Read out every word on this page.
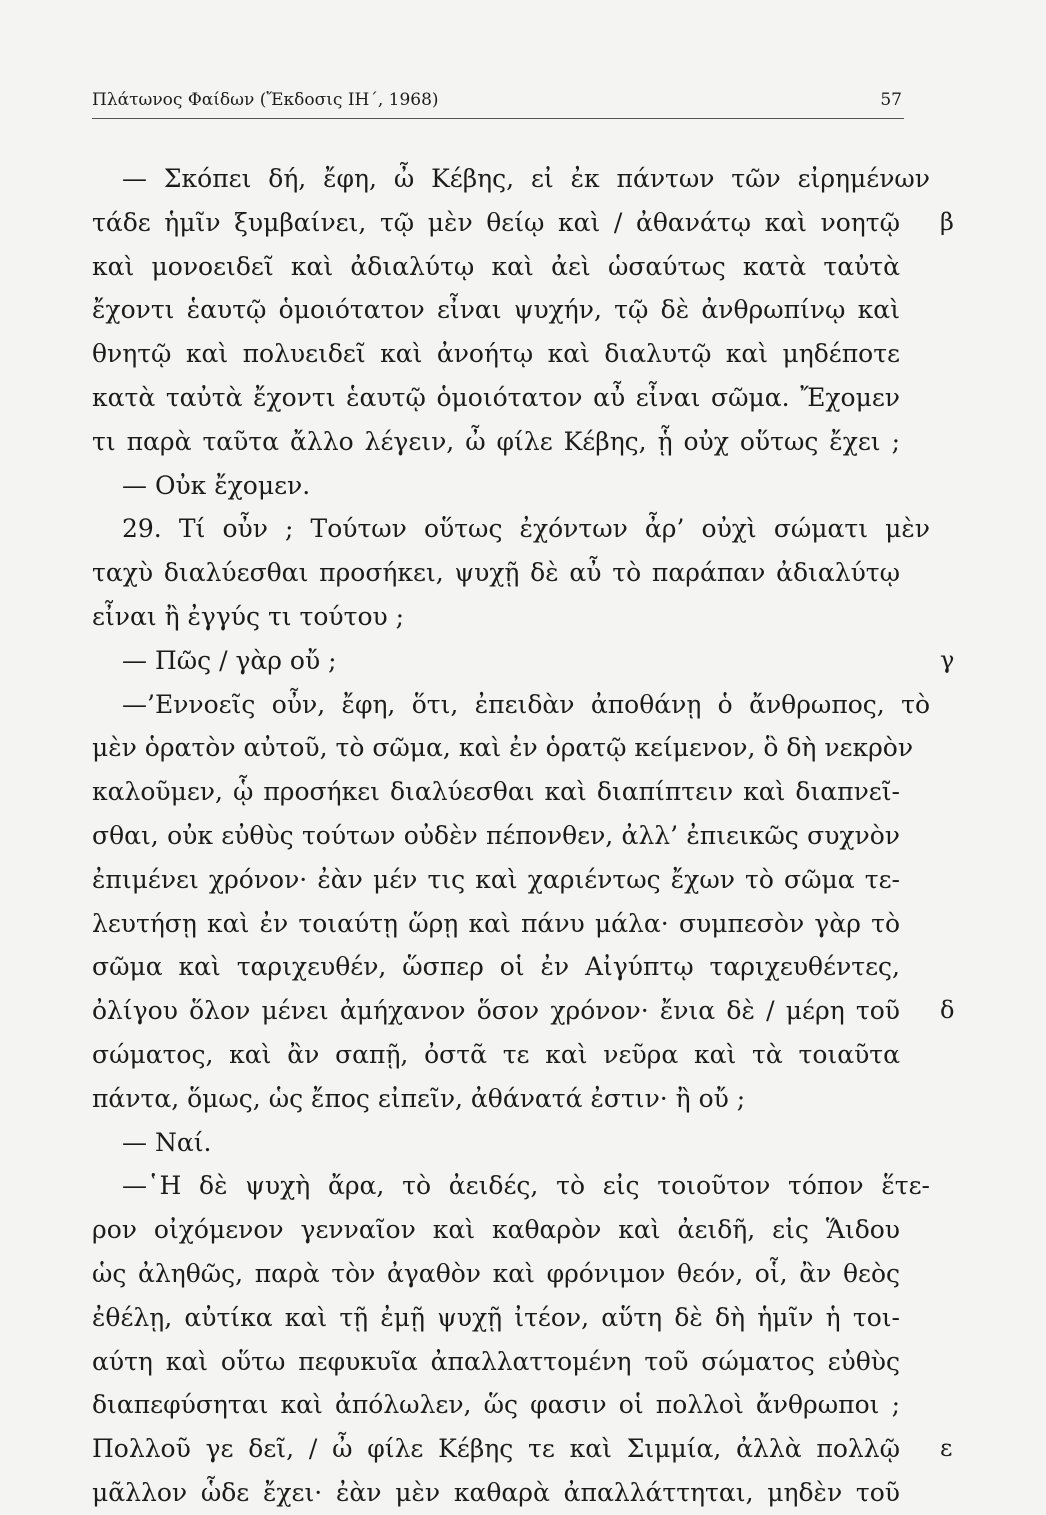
Πλάτωνος Φαίδων (Ἔκδοσις ΙΗ΄, 1968)	57
— Σκόπει δή, ἔφη, ὦ Κέβης, εἰ ἐκ πάντων τῶν εἰρημένων
τάδε ἡμῖν ξυμβαίνει, τῷ μὲν θείῳ καὶ / ἀθανάτῳ καὶ νοητῷ β
καὶ μονοειδεῖ καὶ ἀδιαλύτῳ καὶ ἀεὶ ὡσαύτως κατὰ ταὐτὰ
ἔχοντι ἑαυτῷ ὁμοιότατον εἶναι ψυχήν, τῷ δὲ ἀνθρωπίνῳ καὶ
θνητῷ καὶ πολυειδεῖ καὶ ἀνοήτῳ καὶ διαλυτῷ καὶ μηδέποτε
κατὰ ταὐτὰ ἔχοντι ἑαυτῷ ὁμοιότατον αὖ εἶναι σῶμα. Ἔχομεν
τι παρὰ ταῦτα ἄλλο λέγειν, ὦ φίλε Κέβης, ᾗ οὐχ οὕτως ἔχει ;
— Οὐκ ἔχομεν.
29. Τί οὖν ; Τούτων οὕτως ἐχόντων ἆρ’ οὐχὶ σώματι μὲν
ταχὺ διαλύεσθαι προσήκει, ψυχῇ δὲ αὖ τὸ παράπαν ἀδιαλύτῳ
εἶναι ἢ ἐγγύς τι τούτου ;
— Πῶς / γὰρ οὔ ;	γ
—’Εννοεῖς οὖν, ἔφη, ὅτι, ἐπειδὰν ἀποθάνῃ ὁ ἄνθρωπος, τὸ
μὲν ὁρατὸν αὐτοῦ, τὸ σῶμα, καὶ ἐν ὁρατῷ κείμενον, ὃ δὴ νεκρὸν
καλοῦμεν, ᾧ προσήκει διαλύεσθαι καὶ διαπίπτειν καὶ διαπνεῖ-
σθαι, οὐκ εὐθὺς τούτων οὐδὲν πέπονθεν, ἀλλ’ ἐπιεικῶς συχνὸν
ἐπιμένει χρόνον· ἐὰν μέν τις καὶ χαριέντως ἔχων τὸ σῶμα τε-
λευτήσῃ καὶ ἐν τοιαύτῃ ὥρῃ καὶ πάνυ μάλα· συμπεσὸν γὰρ τὸ
σῶμα καὶ ταριχευθέν, ὥσπερ οἱ ἐν Αἰγύπτῳ ταριχευθέντες,
ὀλίγου ὅλον μένει ἀμήχανον ὅσον χρόνον· ἔνια δὲ / μέρη τοῦ δ
σώματος, καὶ ἂν σαπῇ, ὀστᾶ τε καὶ νεῦρα καὶ τὰ τοιαῦτα
πάντα, ὅμως, ὡς ἔπος εἰπεῖν, ἀθάνατά ἐστιν· ἢ οὔ ;
— Ναί.
—῾Η δὲ ψυχὴ ἄρα, τὸ ἀειδές, τὸ εἰς τοιοῦτον τόπον ἕτε-
ρον οἰχόμενον γενναῖον καὶ καθαρὸν καὶ ἀειδῆ, εἰς Ἅιδου
ὡς ἀληθῶς, παρὰ τὸν ἀγαθὸν καὶ φρόνιμον θεόν, οἷ, ἂν θεὸς
ἐθέλῃ, αὐτίκα καὶ τῇ ἐμῇ ψυχῇ ἰτέον, αὕτη δὲ δὴ ἡμῖν ἡ τοι-
αύτη καὶ οὕτω πεφυκυῖα ἀπαλλαττομένη τοῦ σώματος εὐθὺς
διαπεφύσηται καὶ ἀπόλωλεν, ὥς φασιν οἱ πολλοὶ ἄνθρωποι ;
Πολλοῦ γε δεῖ, / ὦ φίλε Κέβης τε καὶ Σιμμία, ἀλλὰ πολλῷ ε
μᾶλλον ὧδε ἔχει· ἐὰν μὲν καθαρὰ ἀπαλλάττηται, μηδὲν τοῦ
